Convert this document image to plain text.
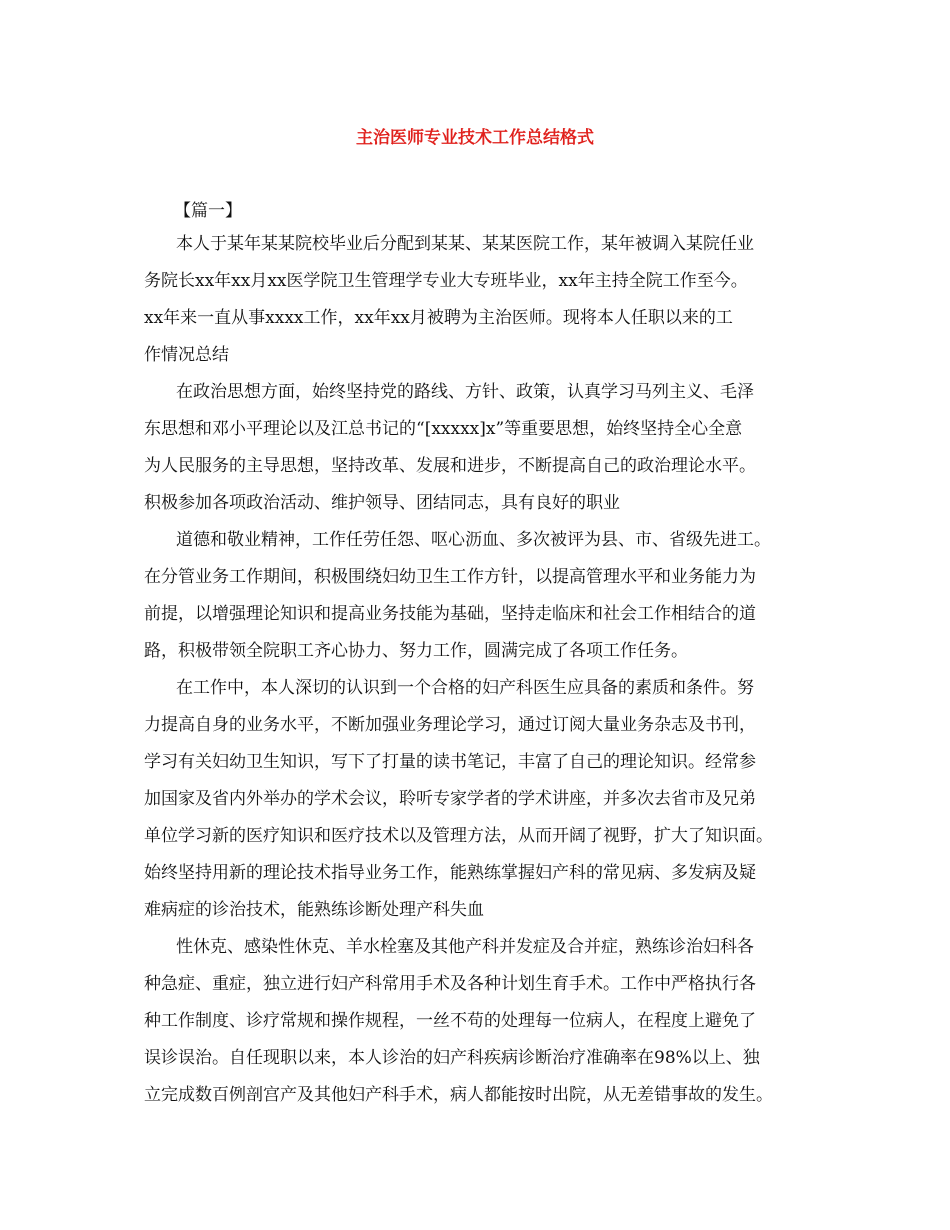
主治医师专业技术工作总结格式
【篇一】
本人于某年某某院校毕业后分配到某某、某某医院工作，某年被调入某院任业
务院长xx年xx月xx医学院卫生管理学专业大专班毕业，xx年主持全院工作至今。
xx年来一直从事xxxx工作，xx年xx月被聘为主治医师。现将本人任职以来的工
作情况总结
在政治思想方面，始终坚持党的路线、方针、政策，认真学习马列主义、毛泽
东思想和邓小平理论以及江总书记的“[xxxxx]x”等重要思想，始终坚持全心全意
为人民服务的主导思想，坚持改革、发展和进步，不断提高自己的政治理论水平。
积极参加各项政治活动、维护领导、团结同志，具有良好的职业
道德和敬业精神，工作任劳任怨、呕心沥血、多次被评为县、市、省级先进工。
在分管业务工作期间，积极围绕妇幼卫生工作方针，以提高管理水平和业务能力为
前提，以增强理论知识和提高业务技能为基础，坚持走临床和社会工作相结合的道
路，积极带领全院职工齐心协力、努力工作，圆满完成了各项工作任务。
在工作中，本人深切的认识到一个合格的妇产科医生应具备的素质和条件。努
力提高自身的业务水平，不断加强业务理论学习，通过订阅大量业务杂志及书刊，
学习有关妇幼卫生知识，写下了打量的读书笔记，丰富了自己的理论知识。经常参
加国家及省内外举办的学术会议，聆听专家学者的学术讲座，并多次去省市及兄弟
单位学习新的医疗知识和医疗技术以及管理方法，从而开阔了视野，扩大了知识面。
始终坚持用新的理论技术指导业务工作，能熟练掌握妇产科的常见病、多发病及疑
难病症的诊治技术，能熟练诊断处理产科失血
性休克、感染性休克、羊水栓塞及其他产科并发症及合并症，熟练诊治妇科各
种急症、重症，独立进行妇产科常用手术及各种计划生育手术。工作中严格执行各
种工作制度、诊疗常规和操作规程，一丝不苟的处理每一位病人，在程度上避免了
误诊误治。自任现职以来，本人诊治的妇产科疾病诊断治疗准确率在98%以上、独
立完成数百例剖宫产及其他妇产科手术，病人都能按时出院，从无差错事故的发生。
